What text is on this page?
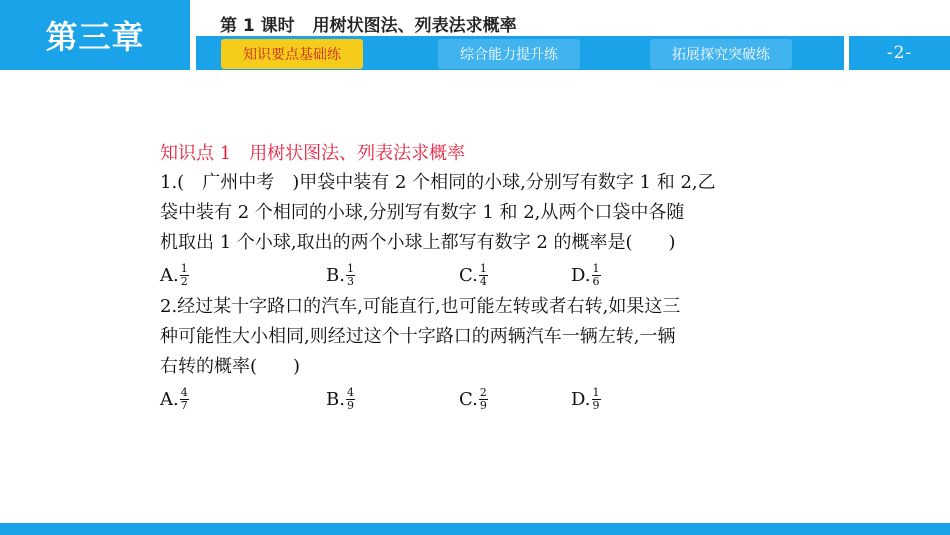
第三章	第 1 课时 用树状图法、列表法求概率
知识要点基础练	综合能力提升练	拓展探究突破练	-2-
知识点 1 用树状图法、列表法求概率
1.(　广州中考　)甲袋中装有 2 个相同的小球,分别写有数字 1 和 2,乙
袋中装有 2 个相同的小球,分别写有数字 1 和 2,从两个口袋中各随
机取出 1 个小球,取出的两个小球上都写有数字 2 的概率是(　　)
A. $\frac{1}{2}$	B. $\frac{1}{3}$	C. $\frac{1}{4}$	D. $\frac{1}{6}$
2.经过某十字路口的汽车,可能直行,也可能左转或者右转,如果这三
种可能性大小相同,则经过这个十字路口的两辆汽车一辆左转,一辆
右转的概率(　　)
A. $\frac{4}{7}$	B. $\frac{4}{9}$	C. $\frac{2}{9}$	D. $\frac{1}{9}$
